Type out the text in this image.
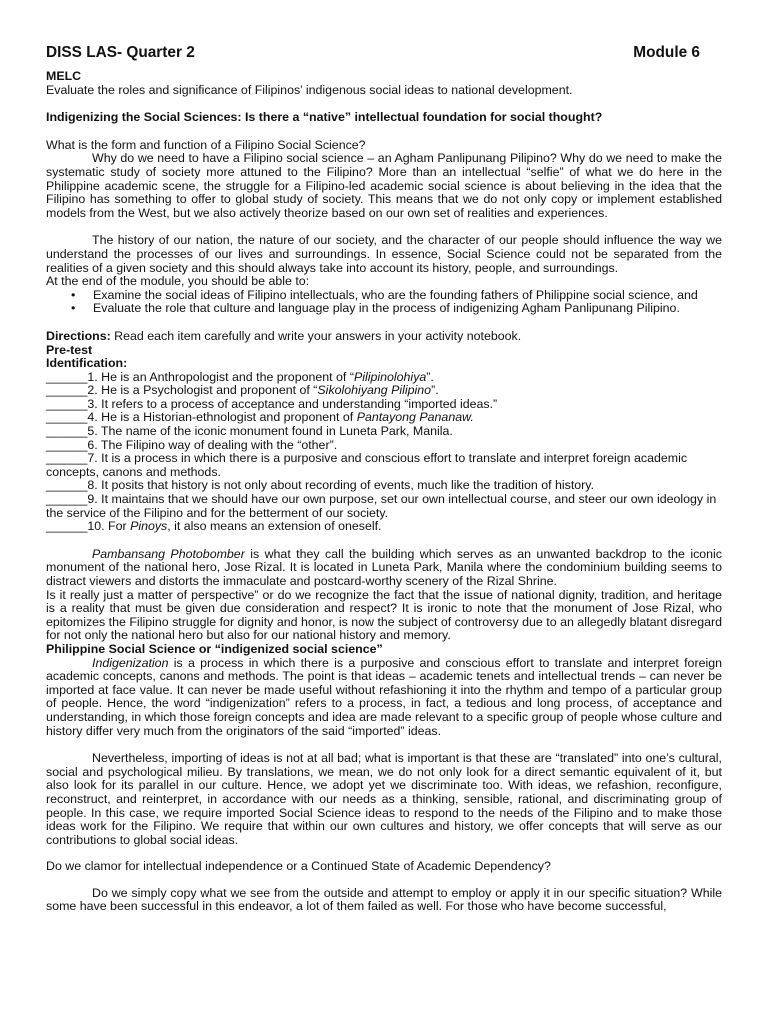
DISS LAS- Quarter 2	Module 6

MELC

Evaluate the roles and significance of Filipinos’ indigenous social ideas to national development.

Indigenizing the Social Sciences: Is there a “native” intellectual foundation for social thought?

What is the form and function of a Filipino Social Science?

Why do we need to have a Filipino social science – an Agham Panlipunang Pilipino? Why do we need to make the systematic study of society more attuned to the Filipino? More than an intellectual “selfie” of what we do here in the Philippine academic scene, the struggle for a Filipino-led academic social science is about believing in the idea that the Filipino has something to offer to global study of society. This means that we do not only copy or implement established models from the West, but we also actively theorize based on our own set of realities and experiences.

The history of our nation, the nature of our society, and the character of our people should influence the way we understand the processes of our lives and surroundings. In essence, Social Science could not be separated from the realities of a given society and this should always take into account its history, people, and surroundings.

At the end of the module, you should be able to:

• Examine the social ideas of Filipino intellectuals, who are the founding fathers of Philippine social science, and
• Evaluate the role that culture and language play in the process of indigenizing Agham Panlipunang Pilipino.

Directions: Read each item carefully and write your answers in your activity notebook.

Pre-test

Identification:

______1. He is an Anthropologist and the proponent of “Pilipinolohiya”.

______2. He is a Psychologist and proponent of “Sikolohiyang Pilipino”.

______3. It refers to a process of acceptance and understanding “imported ideas.”

______4. He is a Historian-ethnologist and proponent of Pantayong Pananaw.

______5. The name of the iconic monument found in Luneta Park, Manila.

______6. The Filipino way of dealing with the “other”.

______7. It is a process in which there is a purposive and conscious effort to translate and interpret foreign academic concepts, canons and methods.

______8. It posits that history is not only about recording of events, much like the tradition of history.

______9. It maintains that we should have our own purpose, set our own intellectual course, and steer our own ideology in the service of the Filipino and for the betterment of our society.

______10. For Pinoys, it also means an extension of oneself.

Pambansang Photobomber is what they call the building which serves as an unwanted backdrop to the iconic monument of the national hero, Jose Rizal. It is located in Luneta Park, Manila where the condominium building seems to distract viewers and distorts the immaculate and postcard-worthy scenery of the Rizal Shrine.

Is it really just a matter of perspective” or do we recognize the fact that the issue of national dignity, tradition, and heritage is a reality that must be given due consideration and respect? It is ironic to note that the monument of Jose Rizal, who epitomizes the Filipino struggle for dignity and honor, is now the subject of controversy due to an allegedly blatant disregard for not only the national hero but also for our national history and memory.

Philippine Social Science or “indigenized social science”

Indigenization is a process in which there is a purposive and conscious effort to translate and interpret foreign academic concepts, canons and methods. The point is that ideas – academic tenets and intellectual trends – can never be imported at face value. It can never be made useful without refashioning it into the rhythm and tempo of a particular group of people. Hence, the word “indigenization” refers to a process, in fact, a tedious and long process, of acceptance and understanding, in which those foreign concepts and idea are made relevant to a specific group of people whose culture and history differ very much from the originators of the said “imported” ideas.

Nevertheless, importing of ideas is not at all bad; what is important is that these are “translated” into one’s cultural, social and psychological milieu. By translations, we mean, we do not only look for a direct semantic equivalent of it, but also look for its parallel in our culture. Hence, we adopt yet we discriminate too. With ideas, we refashion, reconfigure, reconstruct, and reinterpret, in accordance with our needs as a thinking, sensible, rational, and discriminating group of people. In this case, we require imported Social Science ideas to respond to the needs of the Filipino and to make those ideas work for the Filipino. We require that within our own cultures and history, we offer concepts that will serve as our contributions to global social ideas.

Do we clamor for intellectual independence or a Continued State of Academic Dependency?

Do we simply copy what we see from the outside and attempt to employ or apply it in our specific situation? While some have been successful in this endeavor, a lot of them failed as well. For those who have become successful,
